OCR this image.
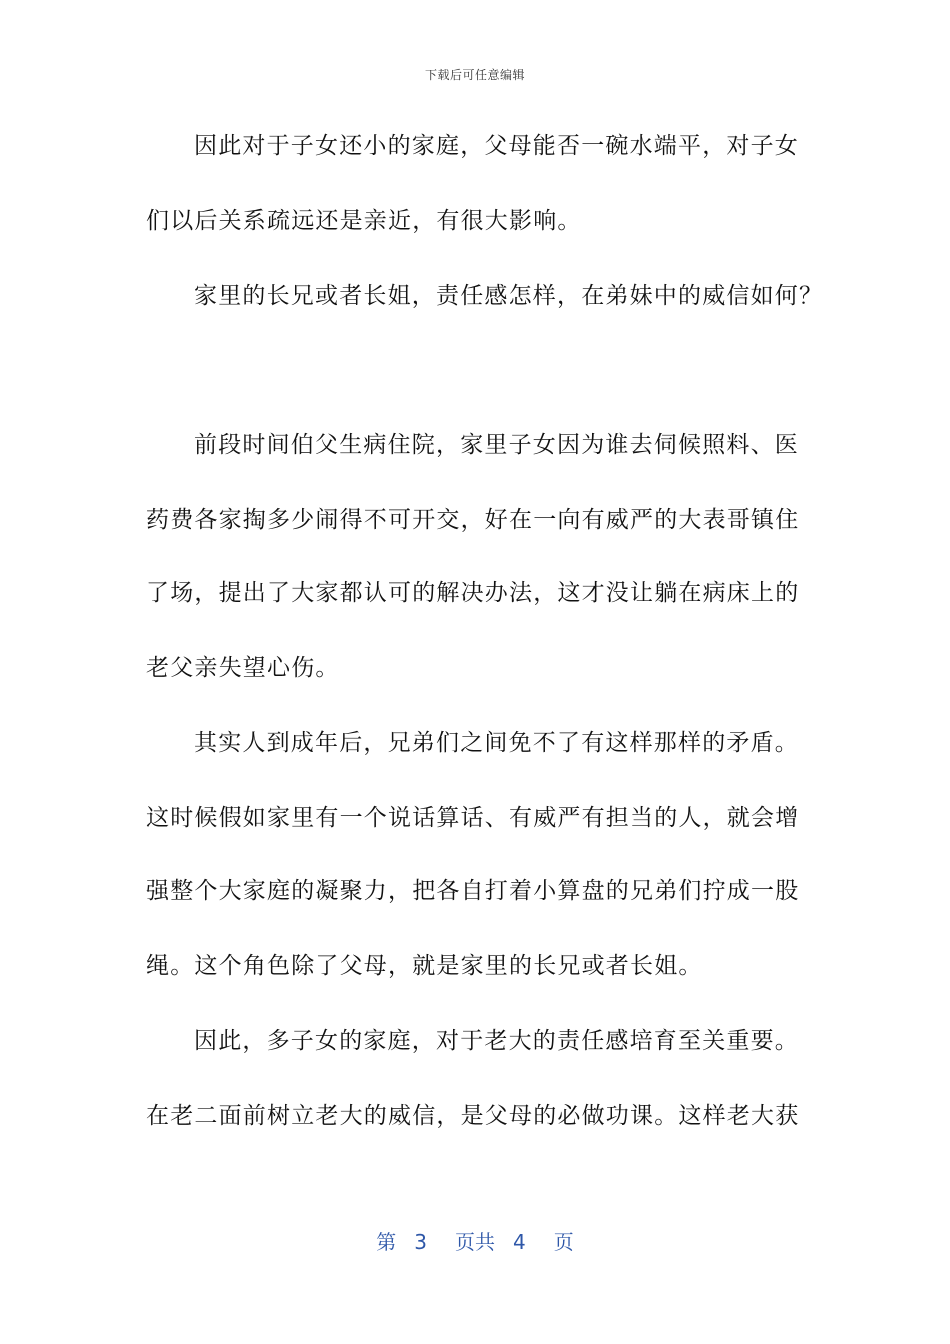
下载后可任意编辑
因此对于子女还小的家庭，父母能否一碗水端平，对子女
们以后关系疏远还是亲近，有很大影响。
家里的长兄或者长姐，责任感怎样，在弟妹中的威信如何？
前段时间伯父生病住院，家里子女因为谁去伺候照料、医
药费各家掏多少闹得不可开交，好在一向有威严的大表哥镇住
了场，提出了大家都认可的解决办法，这才没让躺在病床上的
老父亲失望心伤。
其实人到成年后，兄弟们之间免不了有这样那样的矛盾。
这时候假如家里有一个说话算话、有威严有担当的人，就会增
强整个大家庭的凝聚力，把各自打着小算盘的兄弟们拧成一股
绳。这个角色除了父母，就是家里的长兄或者长姐。
因此，多子女的家庭，对于老大的责任感培育至关重要。
在老二面前树立老大的威信，是父母的必做功课。这样老大获
第 3 页共 4 页
